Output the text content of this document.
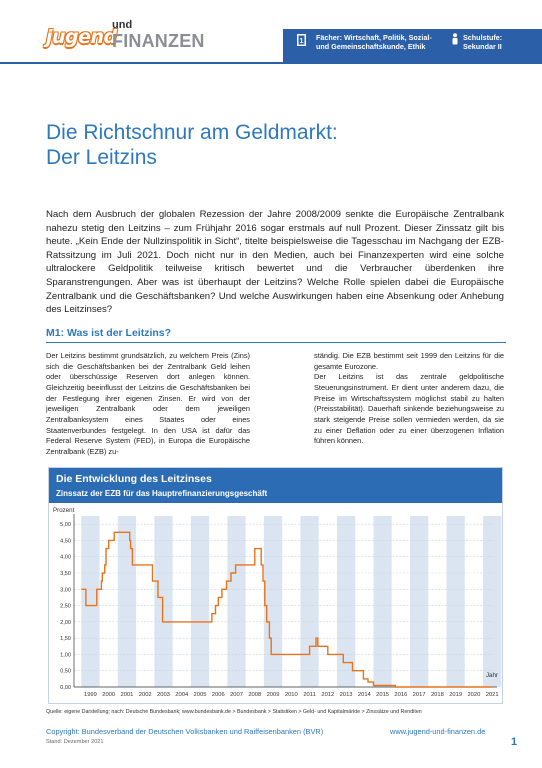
jugend
und
FINANZEN	1 Fächer: Wirtschaft, Politik, Sozial-
und Gemeinschaftskunde, Ethik
Schulstufe:
Sekundar II
Die Richtschnur am Geldmarkt:
Der Leitzins

Nach dem Ausbruch der globalen Rezession der Jahre 2008/2009 senkte die Europäische Zentralbank nahezu stetig den Leitzins – zum Frühjahr 2016 sogar erstmals auf null Prozent. Dieser Zinssatz gilt bis heute. „Kein Ende der Nullzinspolitik in Sicht“, titelte beispielsweise die Tagesschau im Nachgang der EZB-Ratssitzung im Juli 2021. Doch nicht nur in den Medien, auch bei Finanzexperten wird eine solche ultralockere Geldpolitik teilweise kritisch bewertet und die Verbraucher überdenken ihre Sparanstrengungen. Aber was ist überhaupt der Leitzins? Welche Rolle spielen dabei die Europäische Zentralbank und die Geschäftsbanken? Und welche Auswirkungen haben eine Absenkung oder Anhebung des Leitzinses?

M1: Was ist der Leitzins?

Der Leitzins bestimmt grundsätzlich, zu welchem Preis (Zins) sich die Geschäftsbanken bei der Zentralbank Geld leihen oder überschüssige Reserven dort anlegen können. Gleichzeitig beeinflusst der Leitzins die Geschäftsbanken bei der Festlegung ihrer eigenen Zinsen. Er wird von der jeweiligen Zentralbank oder dem jeweiligen Zentralbanksystem eines Staates oder eines Staatenverbundes festgelegt. In den USA ist dafür das Federal Reserve System (FED), in Europa die Europäische Zentralbank (EZB) zu-

ständig. Die EZB bestimmt seit 1999 den Leitzins für die gesamte Eurozone.

Der Leitzins ist das zentrale geldpolitische Steuerungsinstrument. Er dient unter anderem dazu, die Preise im Wirtschaftssystem möglichst stabil zu halten (Preisstabilität). Dauerhaft sinkende beziehungsweise zu stark steigende Preise sollen vermieden werden, da sie zu einer Deflation oder zu einer überzogenen Inflation führen können.

Die Entwicklung des Leitzinses
Zinssatz der EZB für das Hauptrefinanzierungsgeschäft
0,00
0,50
1,00
1,50
2,00
2,50
3,00
3,50
4,00
4,50
5,00
Prozent
Jahr
1999 2000 2001 2002 2003 2004 2005 2006 2007 2008 2009 2010 2011 2012 2013 2014 2015 2016 2017 2018 2019 2020 2021
Quelle: eigene Darstellung; nach: Deutsche Bundesbank; www.bundesbank.de > Bundesbank > Statistiken > Geld- und Kapitalmärkte > Zinssätze und Renditen
Copyright: Bundesverband der Deutschen Volksbanken und Raiffeisenbanken (BVR)
Stand: Dezember 2021
www.jugend-und-finanzen.de
1
